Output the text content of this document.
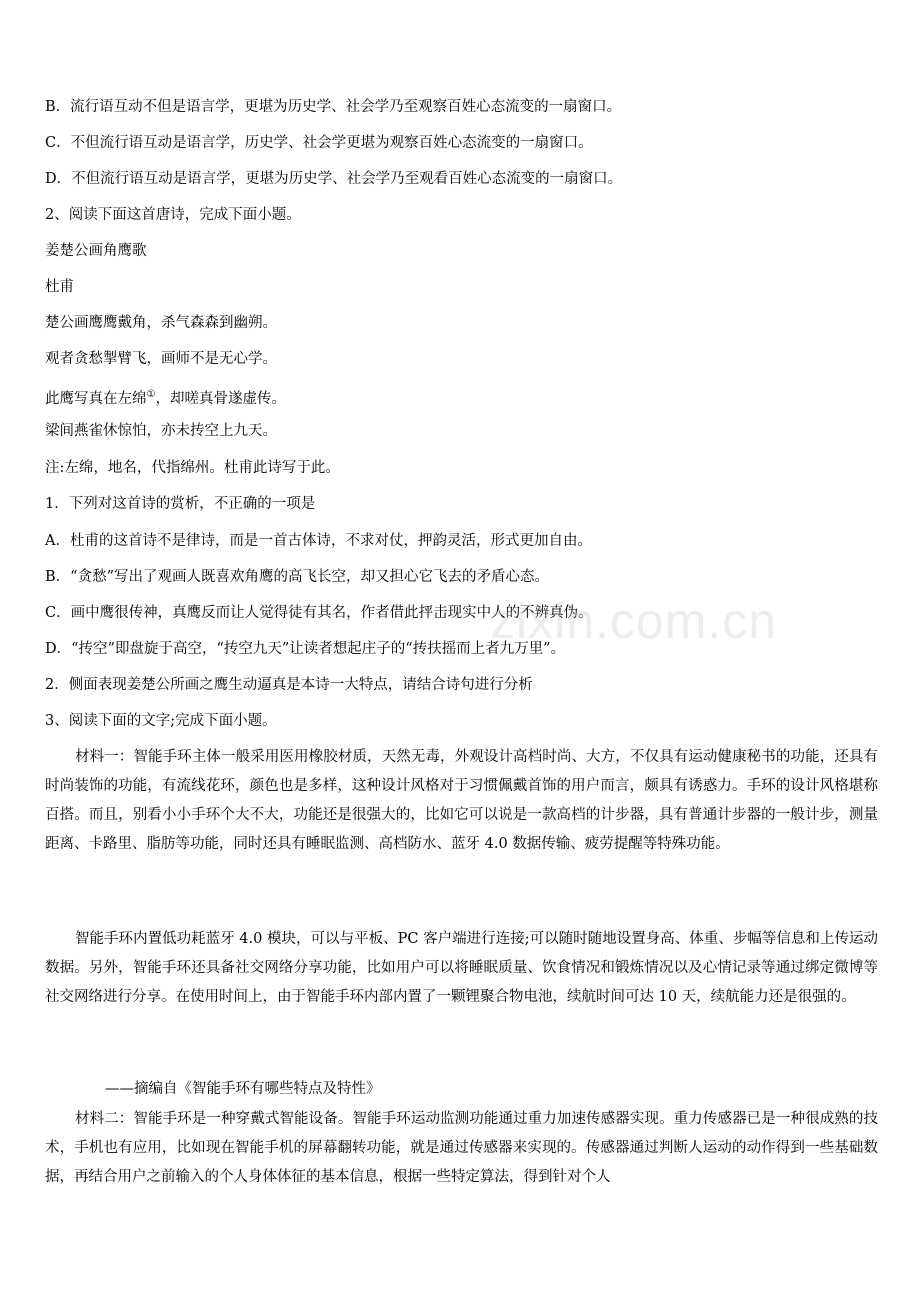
B．流行语互动不但是语言学，更堪为历史学、社会学乃至观察百姓心态流变的一扇窗口。
C．不但流行语互动是语言学，历史学、社会学更堪为观察百姓心态流变的一扇窗口。
D．不但流行语互动是语言学，更堪为历史学、社会学乃至观看百姓心态流变的一扇窗口。
2、阅读下面这首唐诗，完成下面小题。
姜楚公画角鹰歌
杜甫
楚公画鹰鹰戴角，杀气森森到幽朔。
观者贪愁掣臂飞，画师不是无心学。
此鹰写真在左绵①，却嗟真骨遂虚传。
梁间燕雀休惊怕，亦未抟空上九天。
注:左绵，地名，代指绵州。杜甫此诗写于此。
1．下列对这首诗的赏析，不正确的一项是
A．杜甫的这首诗不是律诗，而是一首古体诗，不求对仗，押韵灵活，形式更加自由。
B．“贪愁”写出了观画人既喜欢角鹰的高飞长空，却又担心它飞去的矛盾心态。
C．画中鹰很传神，真鹰反而让人觉得徒有其名，作者借此抨击现实中人的不辨真伪。
D．“抟空”即盘旋于高空，“抟空九天”让读者想起庄子的“抟扶摇而上者九万里”。
2．侧面表现姜楚公所画之鹰生动逼真是本诗一大特点，请结合诗句进行分析
3、阅读下面的文字;完成下面小题。
材料一：智能手环主体一般采用医用橡胶材质，天然无毒，外观设计高档时尚、大方，不仅具有运动健康秘书的功能，还具有时尚装饰的功能，有流线花环，颜色也是多样，这种设计风格对于习惯佩戴首饰的用户而言，颇具有诱惑力。手环的设计风格堪称百搭。而且，别看小小手环个大不大，功能还是很强大的，比如它可以说是一款高档的计步器，具有普通计步器的一般计步，测量距离、卡路里、脂肪等功能，同时还具有睡眠监测、高档防水、蓝牙 4.0 数据传输、疲劳提醒等特殊功能。
智能手环内置低功耗蓝牙 4.0 模块，可以与平板、PC 客户端进行连接;可以随时随地设置身高、体重、步幅等信息和上传运动数据。另外，智能手环还具备社交网络分享功能，比如用户可以将睡眠质量、饮食情况和锻炼情况以及心情记录等通过绑定微博等社交网络进行分享。在使用时间上，由于智能手环内部内置了一颗锂聚合物电池，续航时间可达 10 天，续航能力还是很强的。
——摘编自《智能手环有哪些特点及特性》
材料二：智能手环是一种穿戴式智能设备。智能手环运动监测功能通过重力加速传感器实现。重力传感器已是一种很成熟的技术，手机也有应用，比如现在智能手机的屏幕翻转功能，就是通过传感器来实现的。传感器通过判断人运动的动作得到一些基础数据，再结合用户之前输入的个人身体体征的基本信息，根据一些特定算法，得到针对个人
zixin.com.cn
